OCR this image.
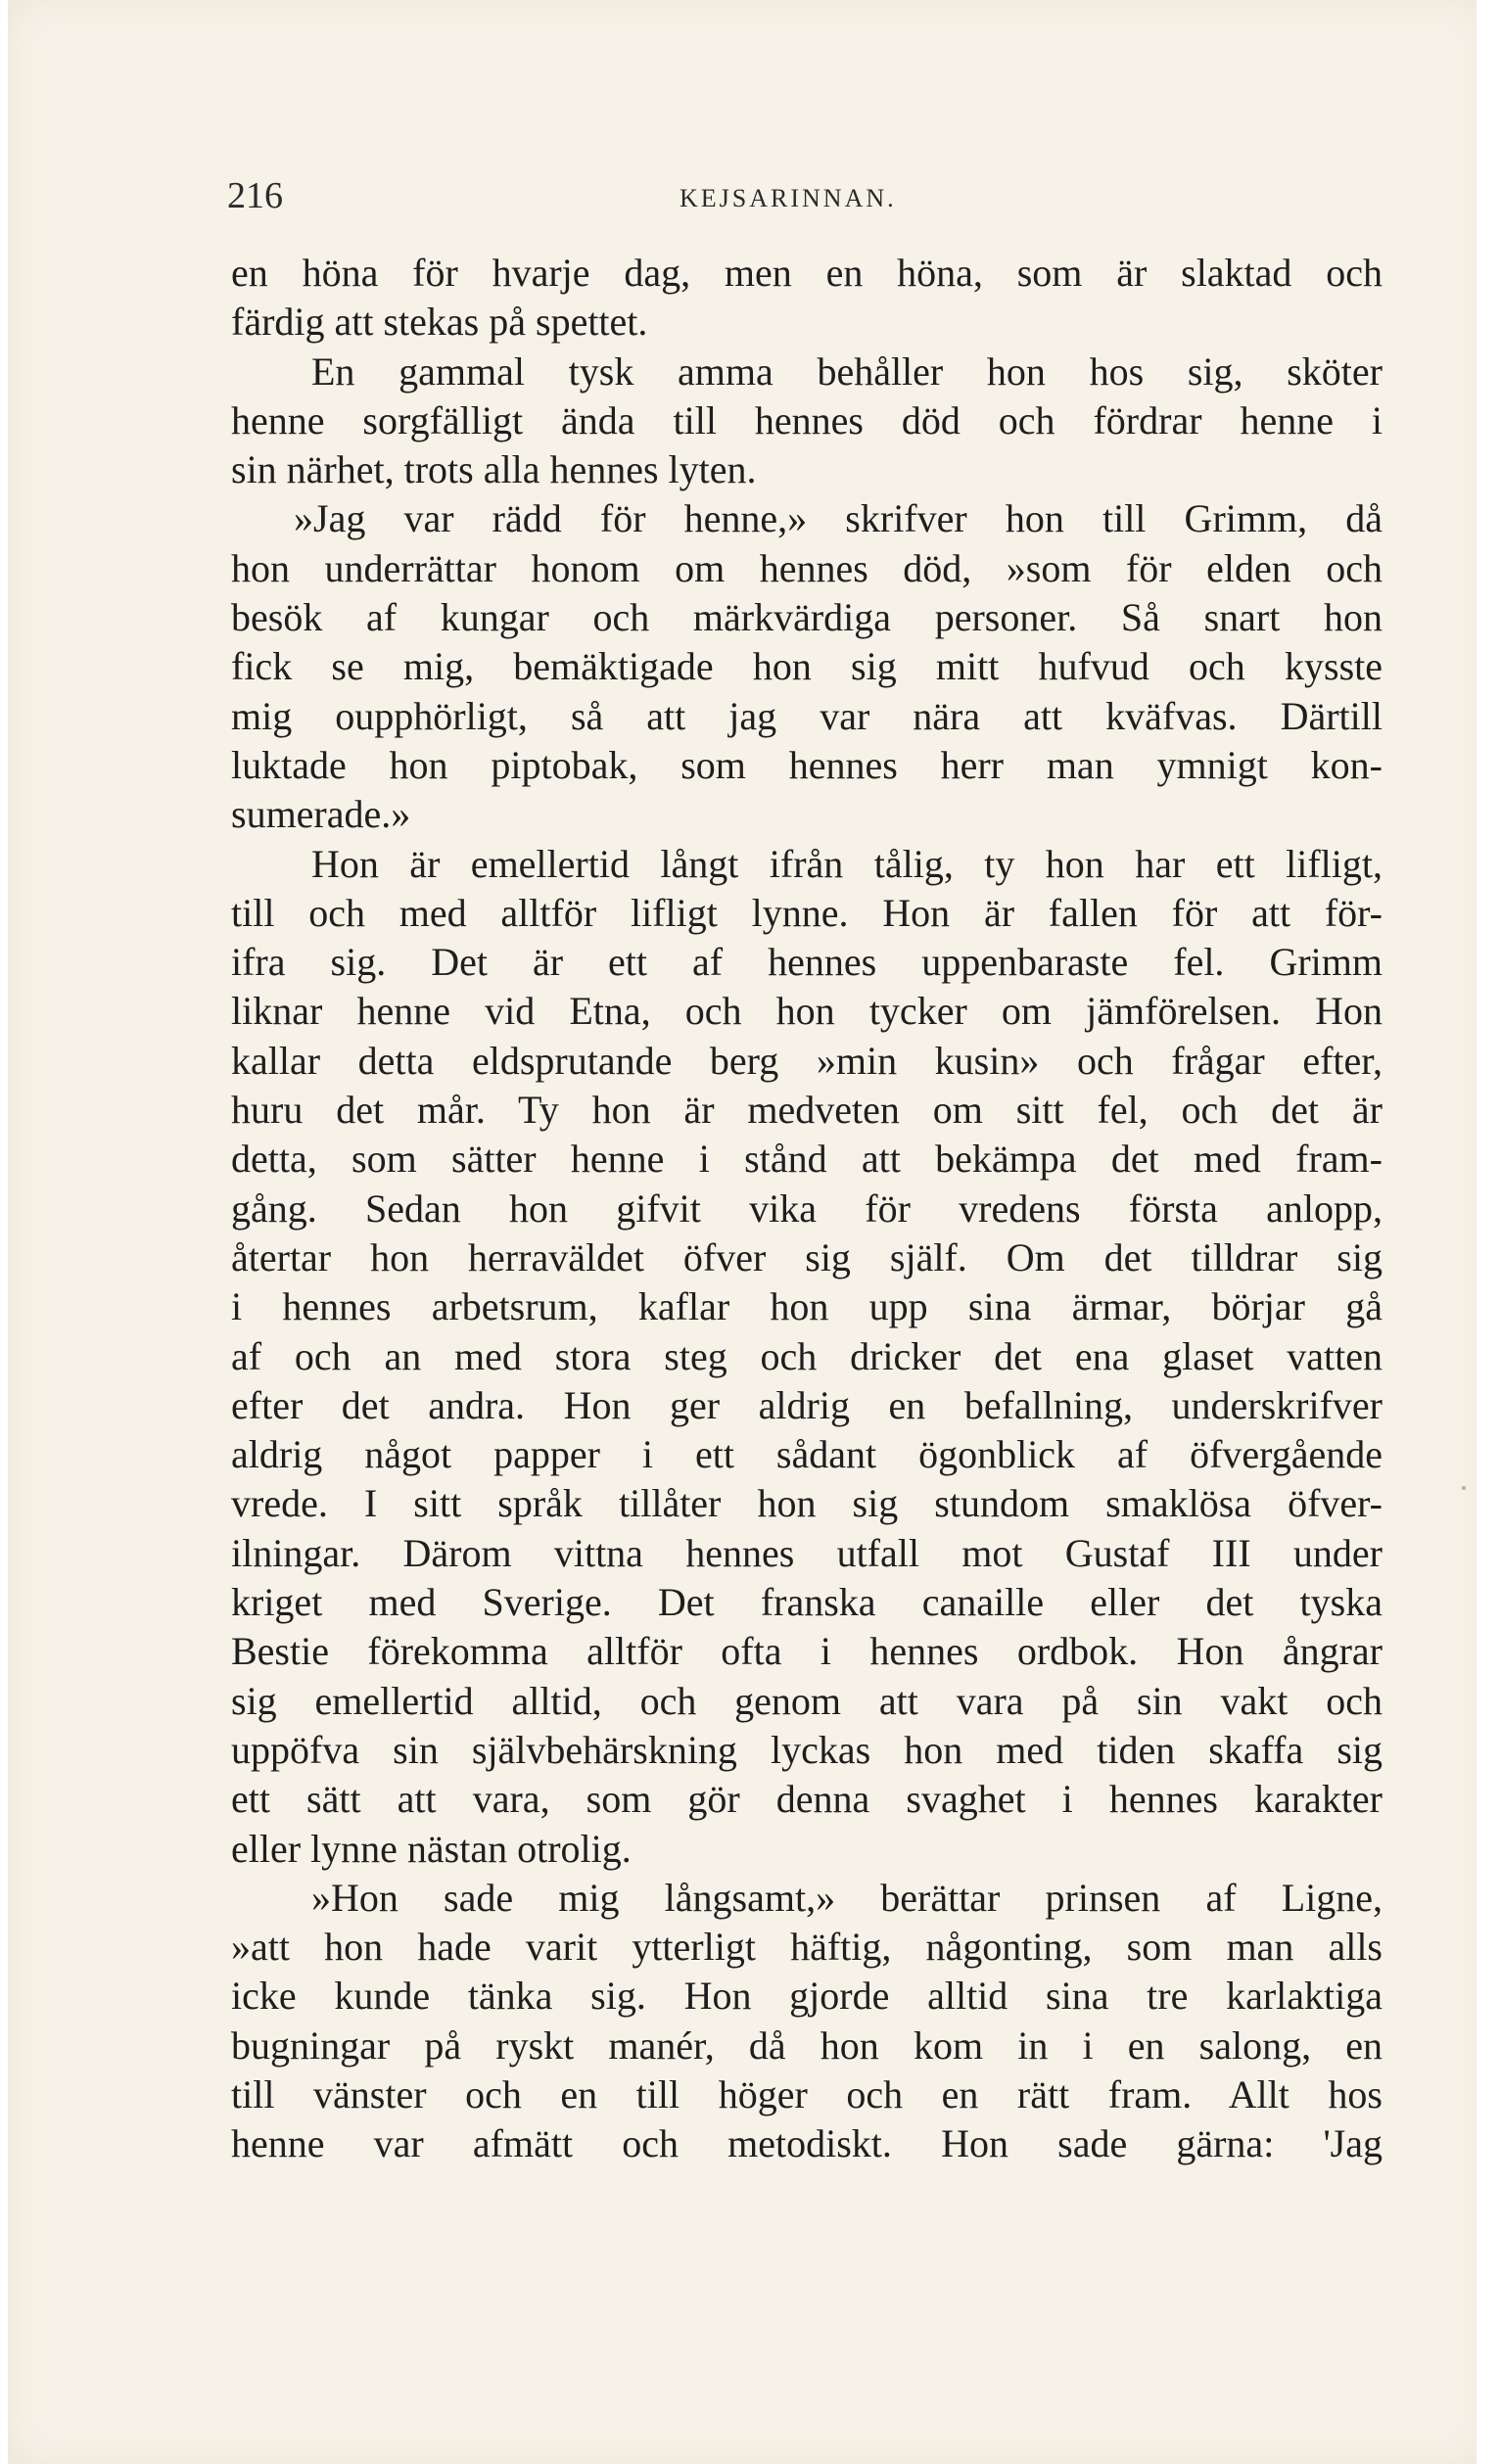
216	KEJSARINNAN.
en höna för hvarje dag, men en höna, som är slaktad och
färdig att stekas på spettet.
En gammal tysk amma behåller hon hos sig, sköter
henne sorgfälligt ända till hennes död och fördrar henne i
sin närhet, trots alla hennes lyten.
»Jag var rädd för henne,» skrifver hon till Grimm, då
hon underrättar honom om hennes död, »som för elden och
besök af kungar och märkvärdiga personer. Så snart hon
fick se mig, bemäktigade hon sig mitt hufvud och kysste
mig oupphörligt, så att jag var nära att kväfvas. Därtill
luktade hon piptobak, som hennes herr man ymnigt kon-
sumerade.»
Hon är emellertid långt ifrån tålig, ty hon har ett lifligt,
till och med alltför lifligt lynne. Hon är fallen för att för-
ifra sig. Det är ett af hennes uppenbaraste fel. Grimm
liknar henne vid Etna, och hon tycker om jämförelsen. Hon
kallar detta eldsprutande berg »min kusin» och frågar efter,
huru det mår. Ty hon är medveten om sitt fel, och det är
detta, som sätter henne i stånd att bekämpa det med fram-
gång. Sedan hon gifvit vika för vredens första anlopp,
återtar hon herraväldet öfver sig själf. Om det tilldrar sig
i hennes arbetsrum, kaflar hon upp sina ärmar, börjar gå
af och an med stora steg och dricker det ena glaset vatten
efter det andra. Hon ger aldrig en befallning, underskrifver
aldrig något papper i ett sådant ögonblick af öfvergående
vrede. I sitt språk tillåter hon sig stundom smaklösa öfver-
ilningar. Därom vittna hennes utfall mot Gustaf III under
kriget med Sverige. Det franska canaille eller det tyska
Bestie förekomma alltför ofta i hennes ordbok. Hon ångrar
sig emellertid alltid, och genom att vara på sin vakt och
uppöfva sin självbehärskning lyckas hon med tiden skaffa sig
ett sätt att vara, som gör denna svaghet i hennes karakter
eller lynne nästan otrolig.
»Hon sade mig långsamt,» berättar prinsen af Ligne,
»att hon hade varit ytterligt häftig, någonting, som man alls
icke kunde tänka sig. Hon gjorde alltid sina tre karlaktiga
bugningar på ryskt manér, då hon kom in i en salong, en
till vänster och en till höger och en rätt fram. Allt hos
henne var afmätt och metodiskt. Hon sade gärna: 'Jag
